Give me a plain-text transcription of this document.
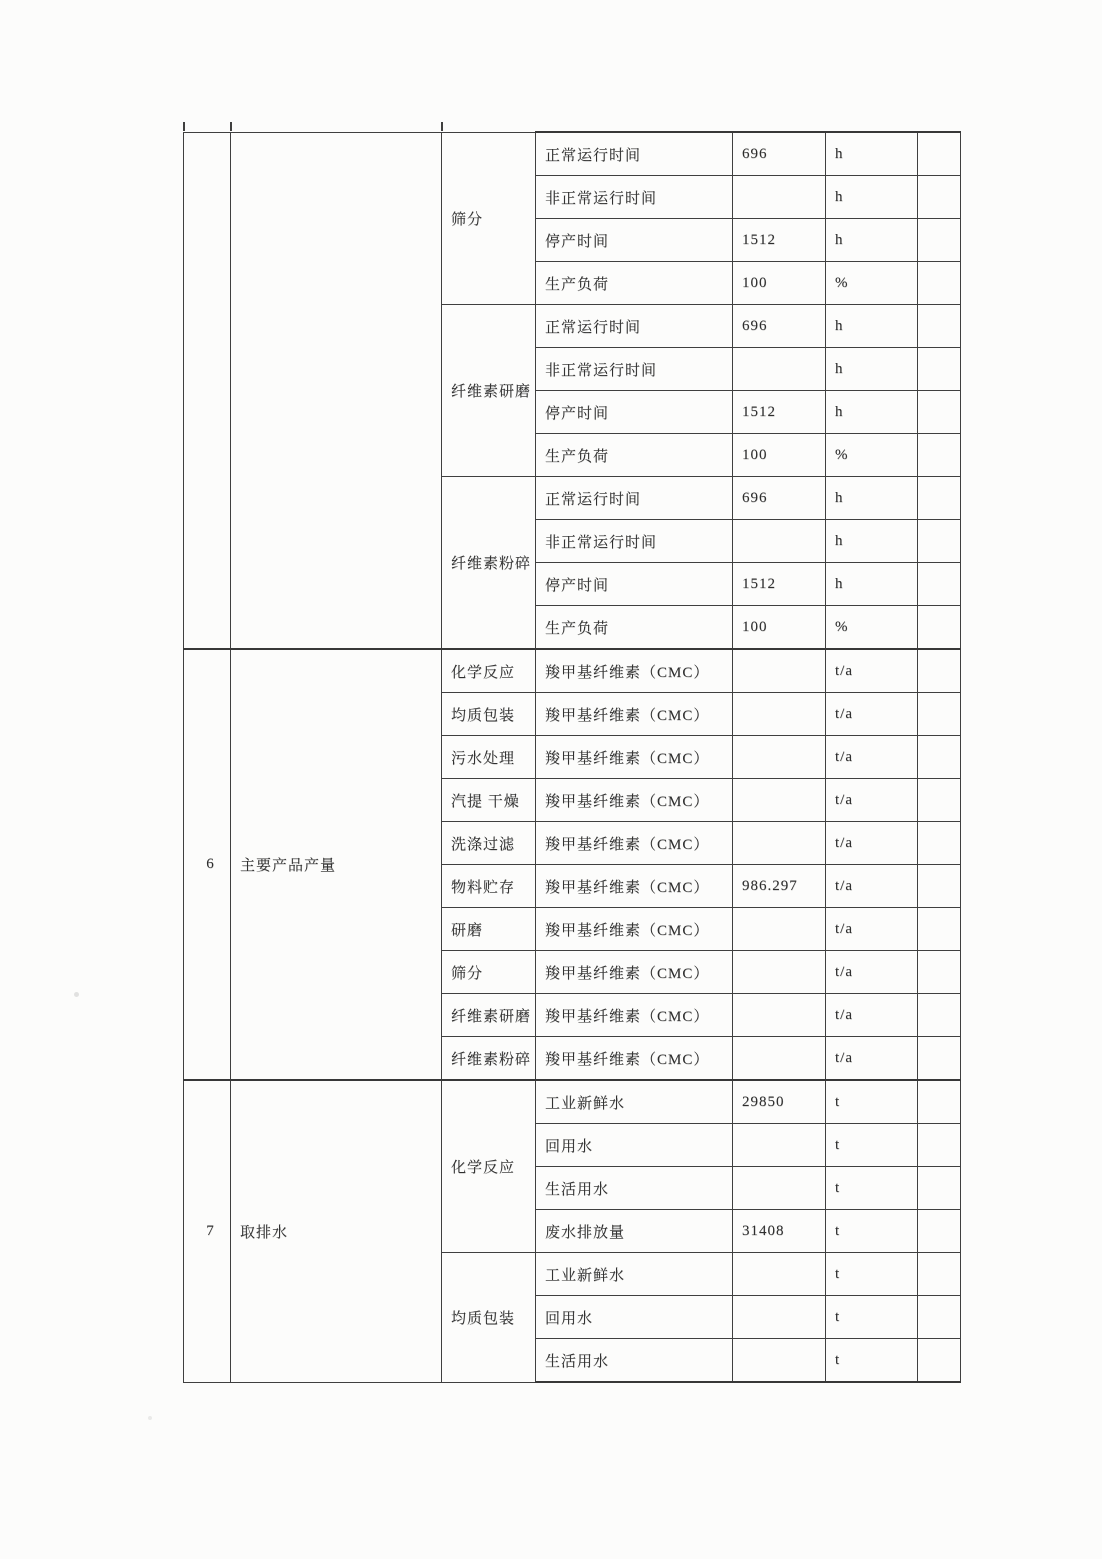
		筛分	正常运行时间	696	h	
			非正常运行时间		h	
			停产时间	1512	h	
			生产负荷	100	%	
		纤维素研磨	正常运行时间	696	h	
			非正常运行时间		h	
			停产时间	1512	h	
			生产负荷	100	%	
		纤维素粉碎	正常运行时间	696	h	
			非正常运行时间		h	
			停产时间	1512	h	
			生产负荷	100	%	
6	主要产品产量	化学反应	羧甲基纤维素（CMC）		t/a	
		均质包装	羧甲基纤维素（CMC）		t/a	
		污水处理	羧甲基纤维素（CMC）		t/a	
		汽提 干燥	羧甲基纤维素（CMC）		t/a	
		洗涤过滤	羧甲基纤维素（CMC）		t/a	
		物料贮存	羧甲基纤维素（CMC）	986.297	t/a	
		研磨	羧甲基纤维素（CMC）		t/a	
		筛分	羧甲基纤维素（CMC）		t/a	
		纤维素研磨	羧甲基纤维素（CMC）		t/a	
		纤维素粉碎	羧甲基纤维素（CMC）		t/a	
7	取排水	化学反应	工业新鲜水	29850	t	
			回用水		t	
			生活用水		t	
			废水排放量	31408	t	
		均质包装	工业新鲜水		t	
			回用水		t	
			生活用水		t	
